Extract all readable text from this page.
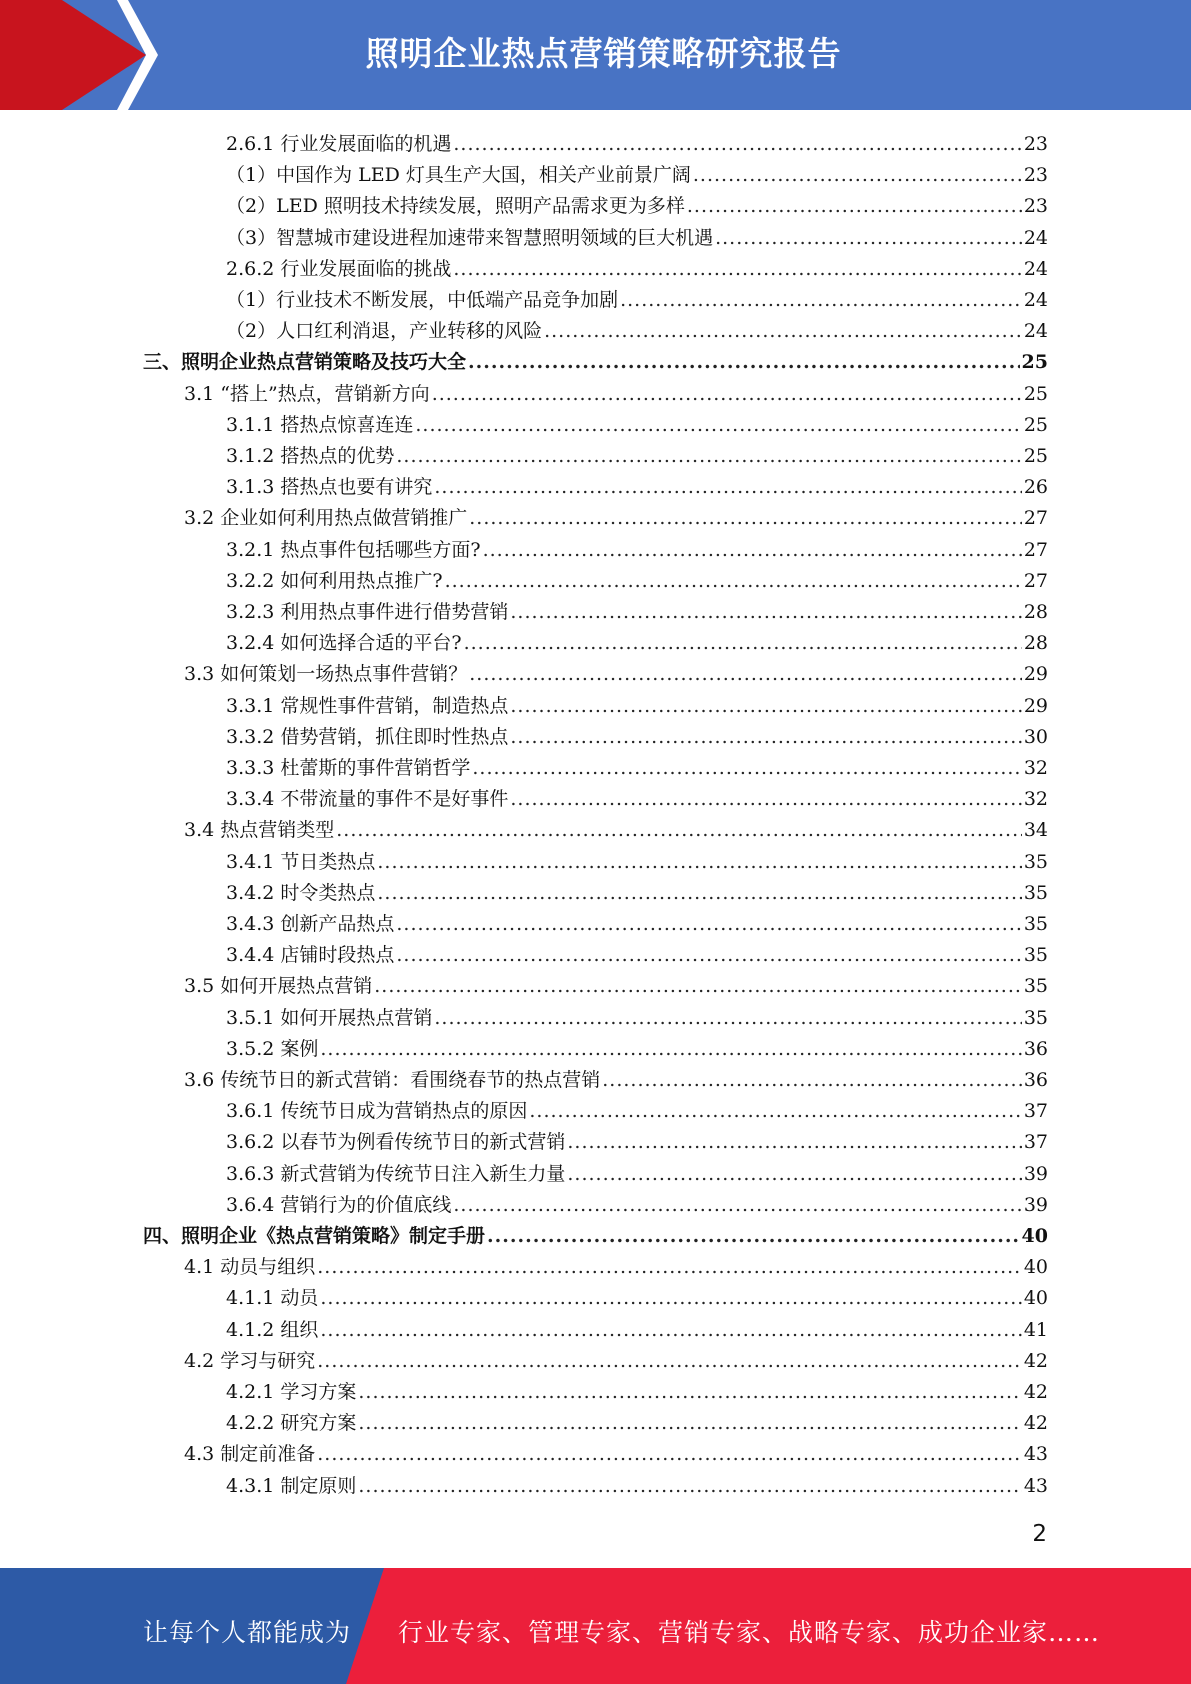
照明企业热点营销策略研究报告
2.6.1 行业发展面临的机遇 .....	23
（1）中国作为 LED 灯具生产大国，相关产业前景广阔 .....	23
（2）LED 照明技术持续发展，照明产品需求更为多样 .....	23
（3）智慧城市建设进程加速带来智慧照明领域的巨大机遇 .....	24
2.6.2 行业发展面临的挑战 .....	24
（1）行业技术不断发展，中低端产品竞争加剧 .....	24
（2）人口红利消退，产业转移的风险 .....	24
三、照明企业热点营销策略及技巧大全 .....	25
3.1 “搭上”热点，营销新方向 .....	25
3.1.1 搭热点惊喜连连 .....	25
3.1.2 搭热点的优势 .....	25
3.1.3 搭热点也要有讲究 .....	26
3.2 企业如何利用热点做营销推广 .....	27
3.2.1 热点事件包括哪些方面? .....	27
3.2.2 如何利用热点推广? .....	27
3.2.3 利用热点事件进行借势营销 .....	28
3.2.4 如何选择合适的平台? .....	28
3.3 如何策划一场热点事件营销？ .....	29
3.3.1 常规性事件营销，制造热点 .....	29
3.3.2 借势营销，抓住即时性热点 .....	30
3.3.3 杜蕾斯的事件营销哲学 .....	32
3.3.4 不带流量的事件不是好事件 .....	32
3.4 热点营销类型 .....	34
3.4.1 节日类热点 .....	35
3.4.2 时令类热点 .....	35
3.4.3 创新产品热点 .....	35
3.4.4 店铺时段热点 .....	35
3.5 如何开展热点营销 .....	35
3.5.1 如何开展热点营销 .....	35
3.5.2 案例 .....	36
3.6 传统节日的新式营销：看围绕春节的热点营销 .....	36
3.6.1 传统节日成为营销热点的原因 .....	37
3.6.2 以春节为例看传统节日的新式营销 .....	37
3.6.3 新式营销为传统节日注入新生力量 .....	39
3.6.4 营销行为的价值底线 .....	39
四、照明企业《热点营销策略》制定手册 .....	40
4.1 动员与组织 .....	40
4.1.1 动员 .....	40
4.1.2 组织 .....	41
4.2 学习与研究 .....	42
4.2.1 学习方案 .....	42
4.2.2 研究方案 .....	42
4.3 制定前准备 .....	43
4.3.1 制定原则 .....	43
2
让每个人都能成为 行业专家、管理专家、营销专家、战略专家、成功企业家……
